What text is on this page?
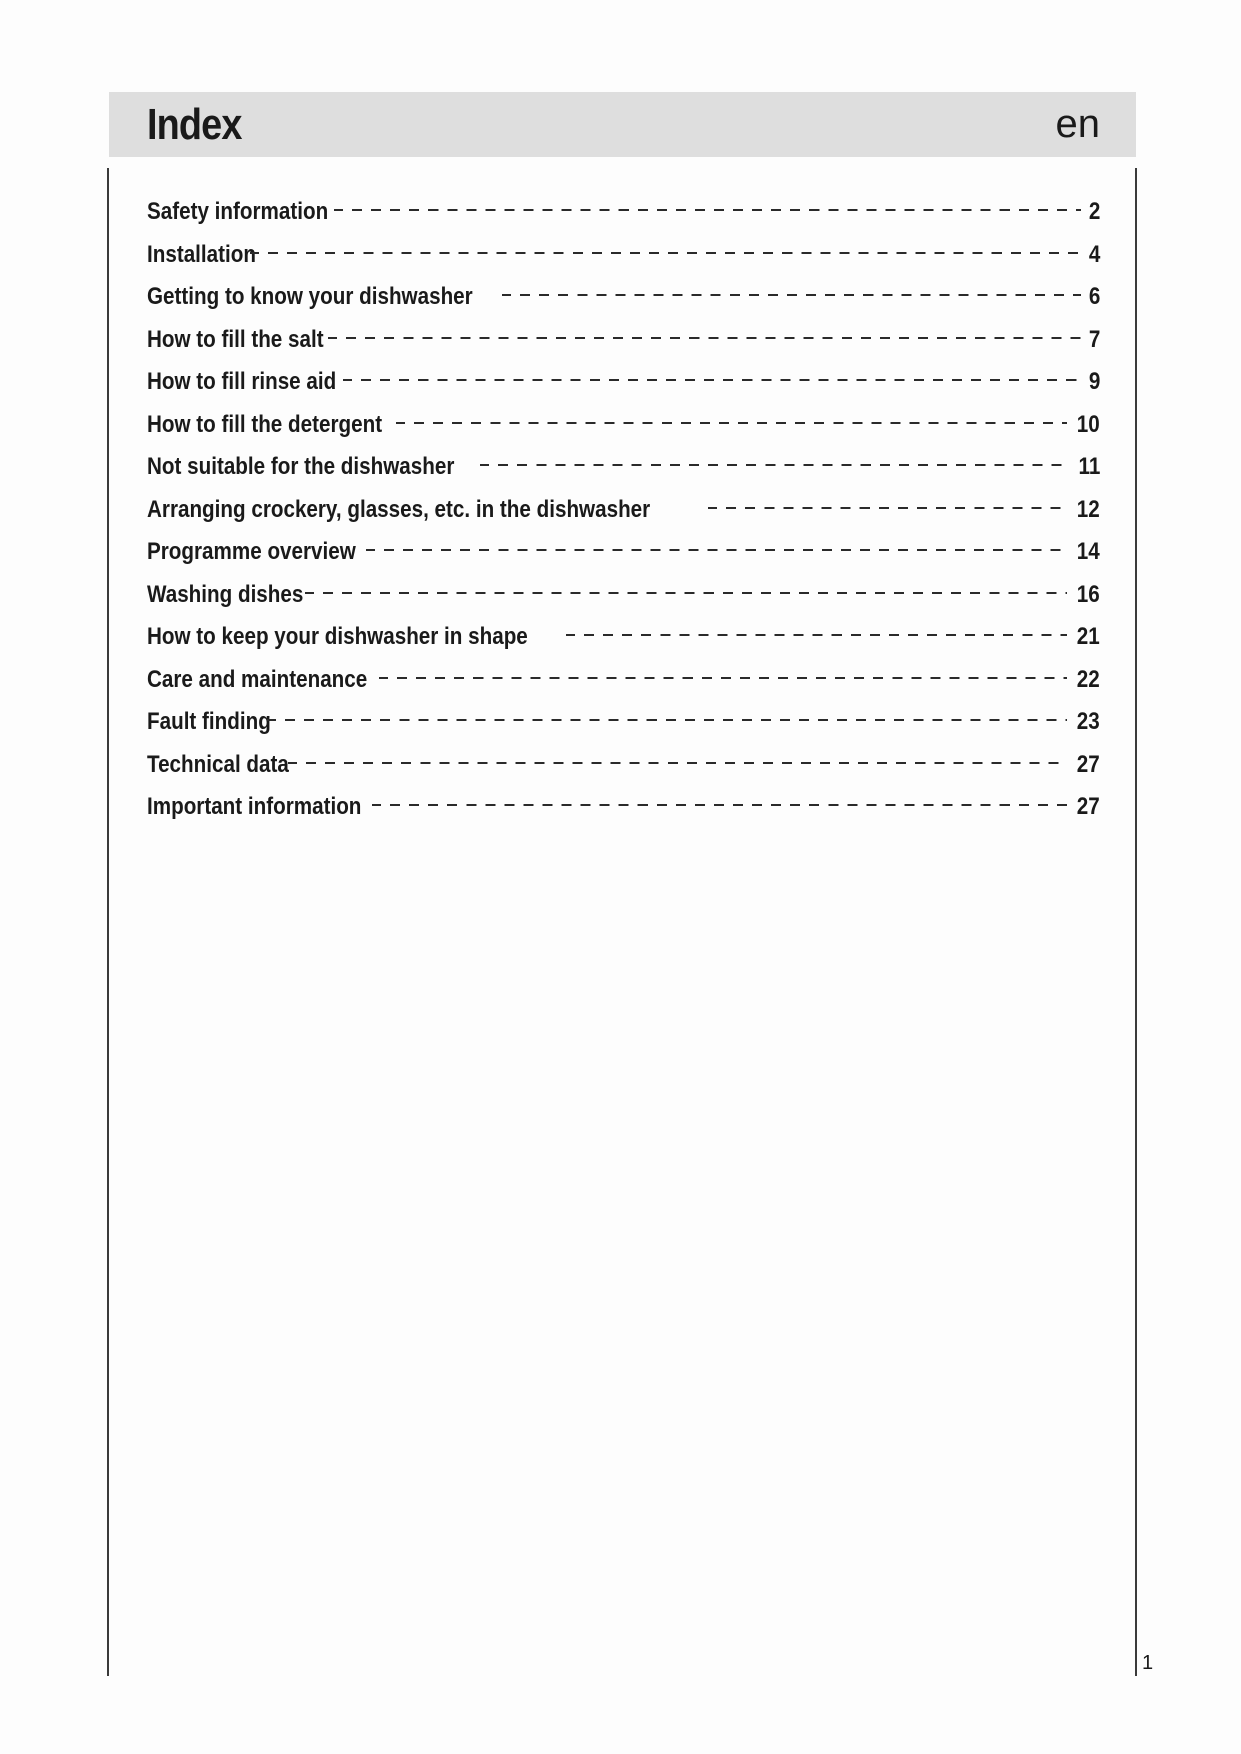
Index	en
Safety information	2
Installation	4
Getting to know your dishwasher	6
How to fill the salt	7
How to fill rinse aid	9
How to fill the detergent	10
Not suitable for the dishwasher	11
Arranging crockery, glasses, etc. in the dishwasher	12
Programme overview	14
Washing dishes	16
How to keep your dishwasher in shape	21
Care and maintenance	22
Fault finding	23
Technical data	27
Important information	27
1
